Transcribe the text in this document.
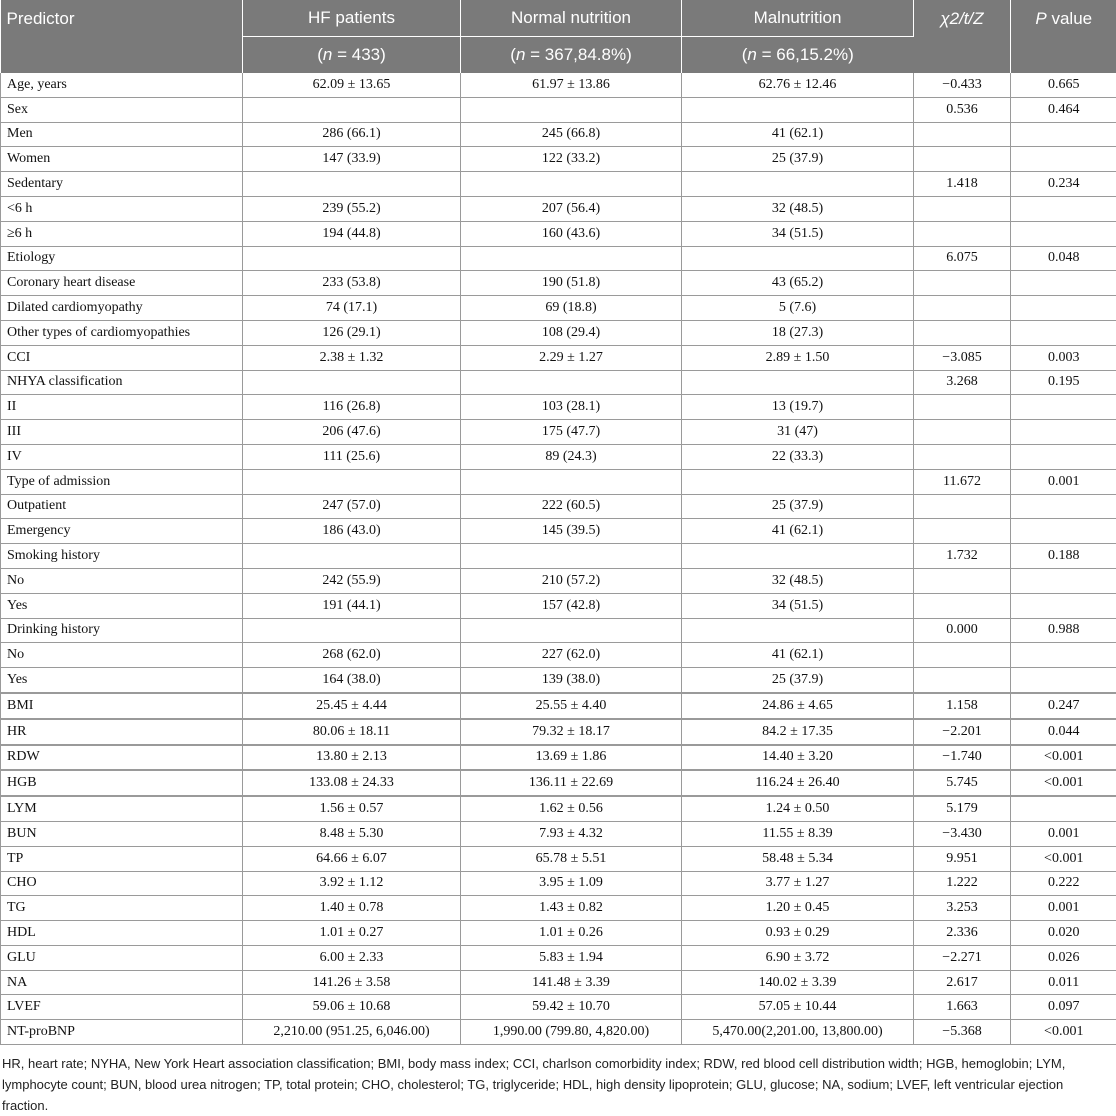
Predictor	HF patients	Normal nutrition	Malnutrition	χ2/t/Z	P value
	(n = 433)	(n = 367,84.8%)	(n = 66,15.2%)		
Age, years	62.09 ± 13.65	61.97 ± 13.86	62.76 ± 12.46	−0.433	0.665
Sex				0.536	0.464
Men	286 (66.1)	245 (66.8)	41 (62.1)		
Women	147 (33.9)	122 (33.2)	25 (37.9)		
Sedentary				1.418	0.234
<6 h	239 (55.2)	207 (56.4)	32 (48.5)		
≥6 h	194 (44.8)	160 (43.6)	34 (51.5)		
Etiology				6.075	0.048
Coronary heart disease	233 (53.8)	190 (51.8)	43 (65.2)		
Dilated cardiomyopathy	74 (17.1)	69 (18.8)	5 (7.6)		
Other types of cardiomyopathies	126 (29.1)	108 (29.4)	18 (27.3)		
CCI	2.38 ± 1.32	2.29 ± 1.27	2.89 ± 1.50	−3.085	0.003
NHYA classification				3.268	0.195
II	116 (26.8)	103 (28.1)	13 (19.7)		
III	206 (47.6)	175 (47.7)	31 (47)		
IV	111 (25.6)	89 (24.3)	22 (33.3)		
Type of admission				11.672	0.001
Outpatient	247 (57.0)	222 (60.5)	25 (37.9)		
Emergency	186 (43.0)	145 (39.5)	41 (62.1)		
Smoking history				1.732	0.188
No	242 (55.9)	210 (57.2)	32 (48.5)		
Yes	191 (44.1)	157 (42.8)	34 (51.5)		
Drinking history				0.000	0.988
No	268 (62.0)	227 (62.0)	41 (62.1)		
Yes	164 (38.0)	139 (38.0)	25 (37.9)		
BMI	25.45 ± 4.44	25.55 ± 4.40	24.86 ± 4.65	1.158	0.247
HR	80.06 ± 18.11	79.32 ± 18.17	84.2 ± 17.35	−2.201	0.044
RDW	13.80 ± 2.13	13.69 ± 1.86	14.40 ± 3.20	−1.740	<0.001
HGB	133.08 ± 24.33	136.11 ± 22.69	116.24 ± 26.40	5.745	<0.001
LYM	1.56 ± 0.57	1.62 ± 0.56	1.24 ± 0.50	5.179	
BUN	8.48 ± 5.30	7.93 ± 4.32	11.55 ± 8.39	−3.430	0.001
TP	64.66 ± 6.07	65.78 ± 5.51	58.48 ± 5.34	9.951	<0.001
CHO	3.92 ± 1.12	3.95 ± 1.09	3.77 ± 1.27	1.222	0.222
TG	1.40 ± 0.78	1.43 ± 0.82	1.20 ± 0.45	3.253	0.001
HDL	1.01 ± 0.27	1.01 ± 0.26	0.93 ± 0.29	2.336	0.020
GLU	6.00 ± 2.33	5.83 ± 1.94	6.90 ± 3.72	−2.271	0.026
NA	141.26 ± 3.58	141.48 ± 3.39	140.02 ± 3.39	2.617	0.011
LVEF	59.06 ± 10.68	59.42 ± 10.70	57.05 ± 10.44	1.663	0.097
NT-proBNP	2,210.00 (951.25, 6,046.00)	1,990.00 (799.80, 4,820.00)	5,470.00(2,201.00, 13,800.00)	−5.368	<0.001

HR, heart rate; NYHA, New York Heart association classification; BMI, body mass index; CCI, charlson comorbidity index; RDW, red blood cell distribution width; HGB, hemoglobin; LYM, lymphocyte count; BUN, blood urea nitrogen; TP, total protein; CHO, cholesterol; TG, triglyceride; HDL, high density lipoprotein; GLU, glucose; NA, sodium; LVEF, left ventricular ejection fraction.
